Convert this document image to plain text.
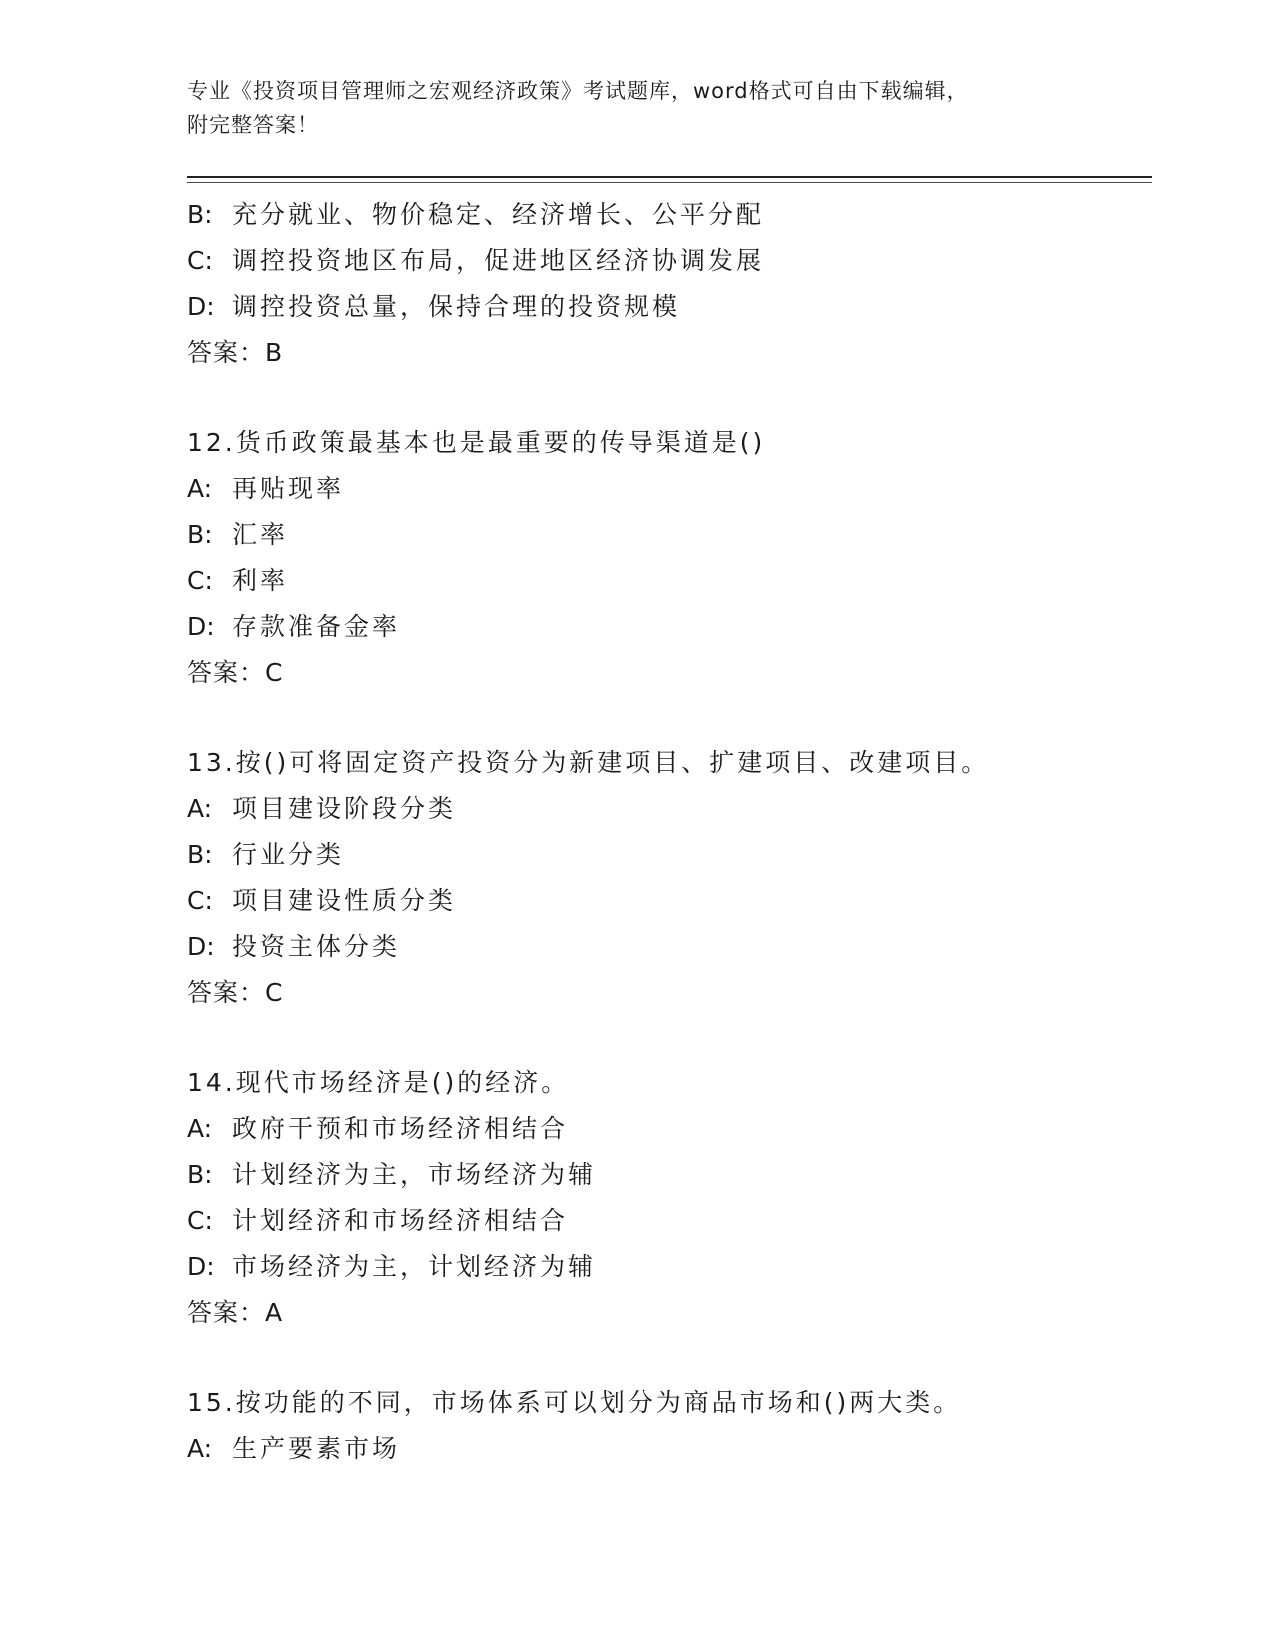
专业《投资项目管理师之宏观经济政策》考试题库，word格式可自由下载编辑，
附完整答案！
B: 充分就业、物价稳定、经济增长、公平分配
C: 调控投资地区布局，促进地区经济协调发展
D: 调控投资总量，保持合理的投资规模
答案：B
12.货币政策最基本也是最重要的传导渠道是()
A: 再贴现率
B: 汇率
C: 利率
D: 存款准备金率
答案：C
13.按()可将固定资产投资分为新建项目、扩建项目、改建项目。
A: 项目建设阶段分类
B: 行业分类
C: 项目建设性质分类
D: 投资主体分类
答案：C
14.现代市场经济是()的经济。
A: 政府干预和市场经济相结合
B: 计划经济为主，市场经济为辅
C: 计划经济和市场经济相结合
D: 市场经济为主，计划经济为辅
答案：A
15.按功能的不同，市场体系可以划分为商品市场和()两大类。
A: 生产要素市场
